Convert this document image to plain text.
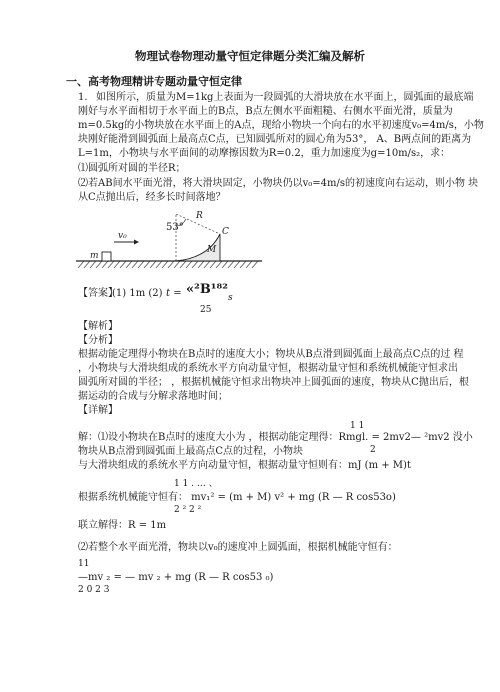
物理试卷物理动量守恒定律题分类汇编及解析
一、高考物理精讲专题动量守恒定律
1. 如图所示，质量为M=1kg上表面为一段圆弧的大滑块放在水平面上，圆弧面的最底端
刚好与水平面相切于水平面上的B点，B点左侧水平面粗糙、右侧水平面光滑，质量为
m=0.5kg的小物块放在水平面上的A点，现给小物块一个向右的水平初速度v₀=4m/s，小物
块刚好能滑到圆弧面上最高点C点，已知圆弧所对的圆心角为53°， A、B两点间的距离为
L=1m，小物块与水平面间的动摩擦因数为R=0.2，重力加速度为g=10m/s₂，求：
⑴圆弧所对圆的半径R；
⑵若AB间水平面光滑，将大滑块固定，小物块仍以v₀=4m/s的初速度向右运动，则小物 块
从C点抛出后，经多长时间落地？
53°
R
C
M
m
v₀
【答案】
(1) 1m (2) t = «²B¹⁸²
s
25
【解析】
【分析】
根据动能定理得小物块在B点时的速度大小；物块从B点滑到圆弧面上最高点C点的过 程
，小物块与大滑块组成的系统水平方向动量守恒，根据动量守恒和系统机械能守恒求出
圆弧所对圆的半径； ，根据机械能守恒求出物块冲上圆弧面的速度，物块从C抛出后，根
据运动的合成与分解求落地时间；
【详解】
1 1
解：⑴设小物块在B点时的速度大小为 ，根据动能定理得：Rmgl. = 2mv2— ²mv2 没小
2
物块从B点滑到圆弧面上最高点C点的过程，小物块
与大滑块组成的系统水平方向动量守恒，根据动量守恒则有：mJ (m + M)t
1 1 . … 、
根据系统机械能守恒有： mv₁² = (m + M) v² + mg (R — R cos53o)
2 ² 2 ²
联立解得：R = 1m
⑵若整个水平面光滑，物块以v₀的速度冲上圆弧面，根据机械能守恒有：
11
—mv ₂ = — mv ₂ + mg (R — R cos53 ₀)
2 0 2 3
